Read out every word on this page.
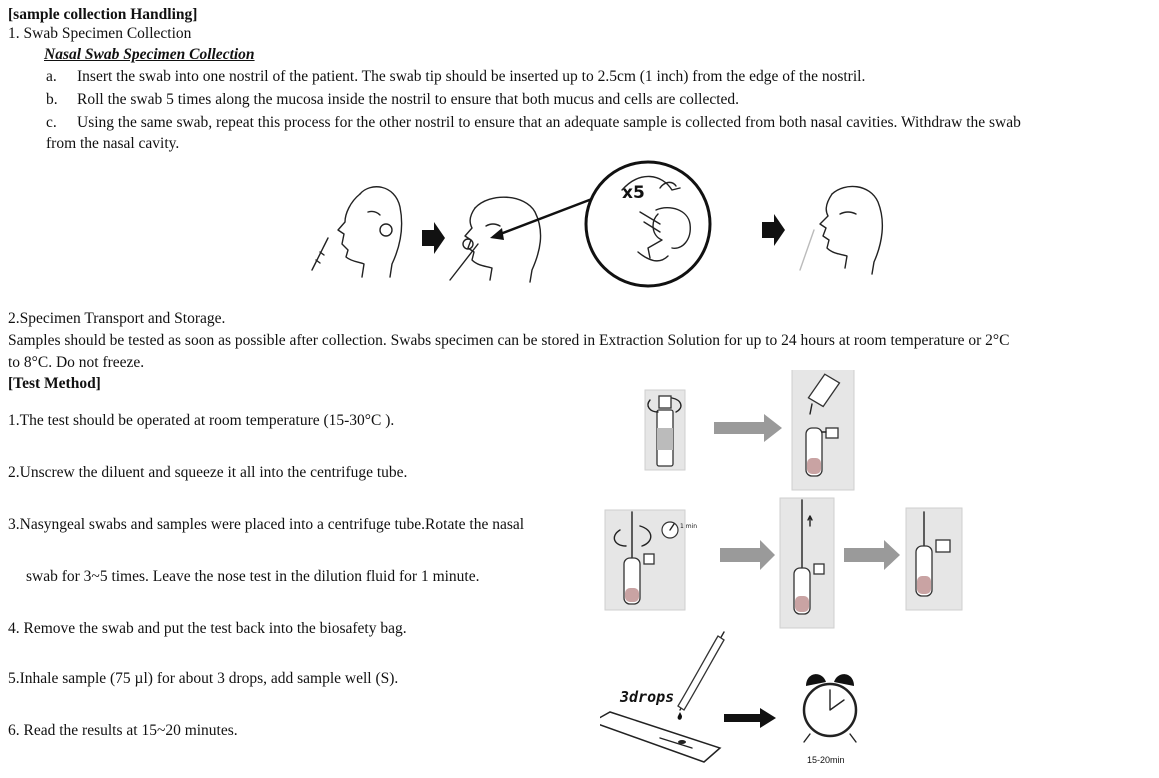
[sample collection Handling]
1. Swab Specimen Collection
Nasal Swab Specimen Collection
a. Insert the swab into one nostril of the patient. The swab tip should be inserted up to 2.5cm (1 inch) from the edge of the nostril.
b. Roll the swab 5 times along the mucosa inside the nostril to ensure that both mucus and cells are collected.
c. Using the same swab, repeat this process for the other nostril to ensure that an adequate sample is collected from both nasal cavities. Withdraw the swab
from the nasal cavity.
x5
2.Specimen Transport and Storage.
Samples should be tested as soon as possible after collection. Swabs specimen can be stored in Extraction Solution for up to 24 hours at room temperature or 2°C
to 8°C. Do not freeze.
[Test Method]
1.The test should be operated at room temperature (15-30°C ).
2.Unscrew the diluent and squeeze it all into the centrifuge tube.
3.Nasyngeal swabs and samples were placed into a centrifuge tube.Rotate the nasal
swab for 3~5 times. Leave the nose test in the dilution fluid for 1 minute.
4. Remove the swab and put the test back into the biosafety bag.
5.Inhale sample (75 µl) for about 3 drops, add sample well (S).
6. Read the results at 15~20 minutes.
1 min
3drops
15-20min
